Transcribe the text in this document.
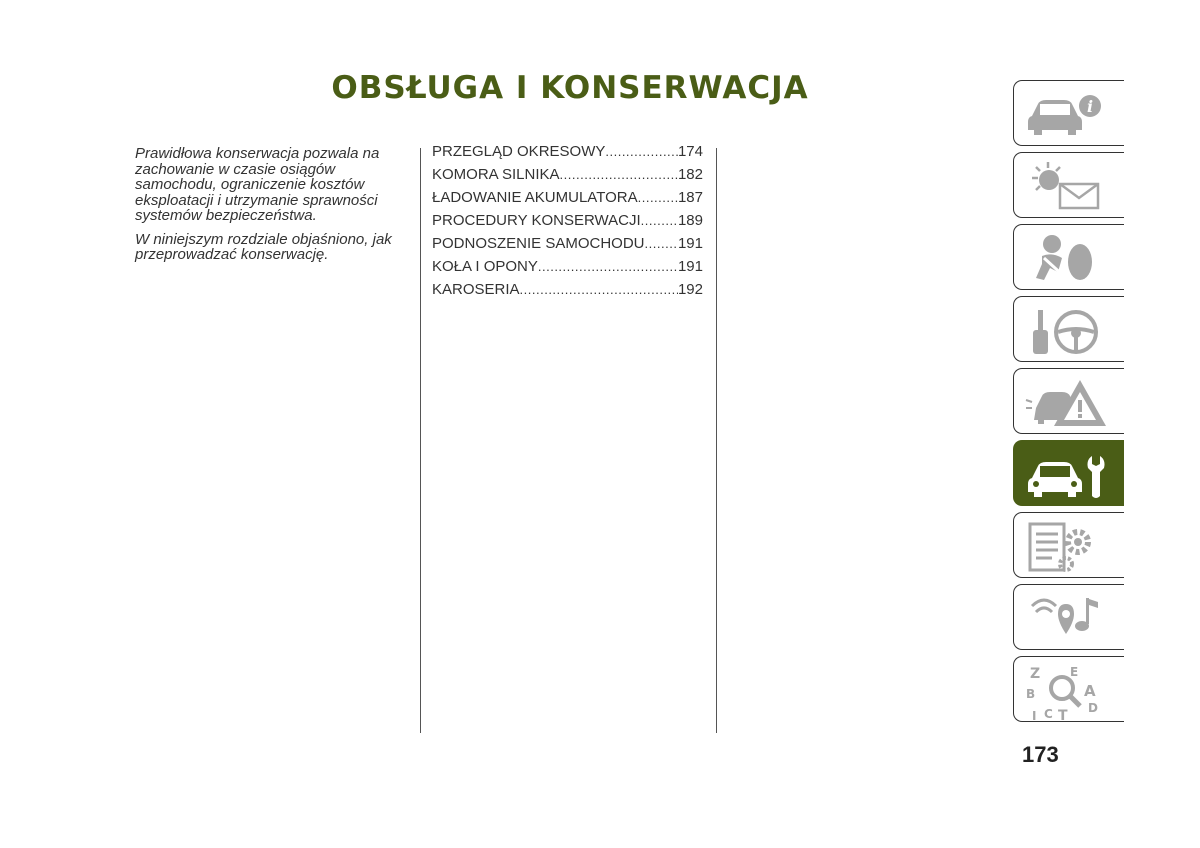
OBSŁUGA I KONSERWACJA

Prawidłowa konserwacja pozwala na zachowanie w czasie osiągów samochodu, ograniczenie kosztów eksploatacji i utrzymanie sprawności systemów bezpieczeństwa.

W niniejszym rozdziale objaśniono, jak przeprowadzać konserwację.

PRZEGLĄD OKRESOWY .....	174
KOMORA SILNIKA .....	182
ŁADOWANIE AKUMULATORA .....	187
PROCEDURY KONSERWACJI ..... 189
PODNOSZENIE SAMOCHODU ..... 191
KOŁA I OPONY .....	191
KAROSERIA .....	192
i
Z E
B	A
I C T D
173
